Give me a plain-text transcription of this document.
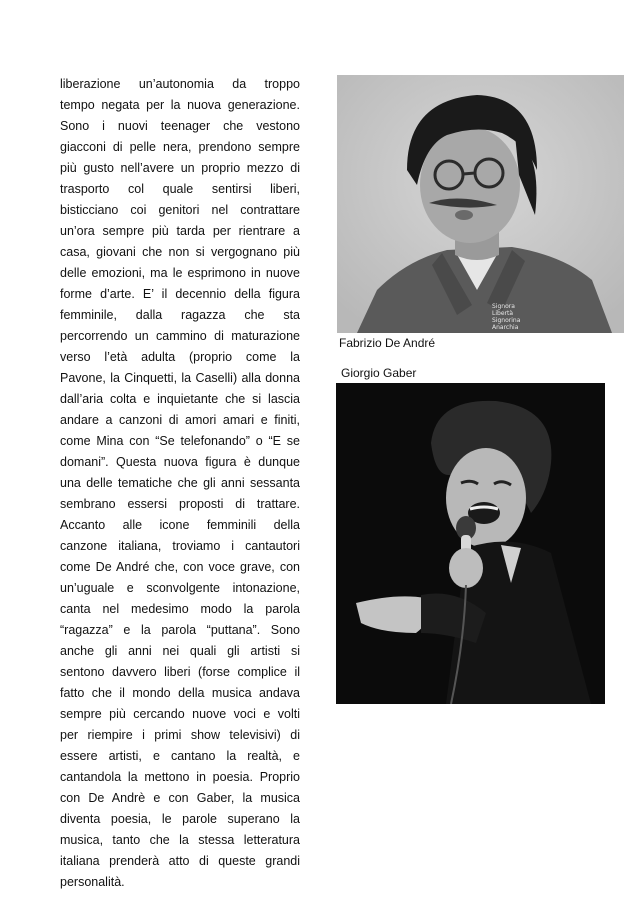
liberazione un’autonomia da troppo
tempo negata per la nuova generazione.
Sono i nuovi teenager che vestono
giacconi di pelle nera, prendono sempre
più gusto nell’avere un proprio mezzo di
trasporto col quale sentirsi liberi,
bisticciano coi genitori nel contrattare
un’ora sempre più tarda per rientrare a
casa, giovani che non si vergognano più
delle emozioni, ma le esprimono in nuove
forme d’arte. E’ il decennio della figura
femminile, dalla ragazza che sta
percorrendo un cammino di maturazione
verso l’età adulta (proprio come la
Pavone, la Cinquetti, la Caselli) alla donna
dall’aria colta e inquietante che si lascia
andare a canzoni di amori amari e finiti,
come Mina con “Se telefonando” o “E se
domani”. Questa nuova figura è dunque
una delle tematiche che gli anni sessanta
sembrano essersi proposti di trattare.
Accanto alle icone femminili della
canzone italiana, troviamo i cantautori
come De André che, con voce grave, con
un’uguale e sconvolgente intonazione,
canta nel medesimo modo la parola
“ragazza” e la parola “puttana”. Sono
anche gli anni nei quali gli artisti si
sentono davvero liberi (forse complice il
fatto che il mondo della musica andava
sempre più cercando nuove voci e volti
per riempire i primi show televisivi) di
essere artisti, e cantano la realtà, e
cantandola la mettono in poesia. Proprio
con De Andrè e con Gaber, la musica
diventa poesia, le parole superano la
musica, tanto che la stessa letteratura
italiana prenderà atto di queste grandi
personalità.
Signora
Libertà
Signorina
Anarchia
Fabrizio De André
Giorgio Gaber
